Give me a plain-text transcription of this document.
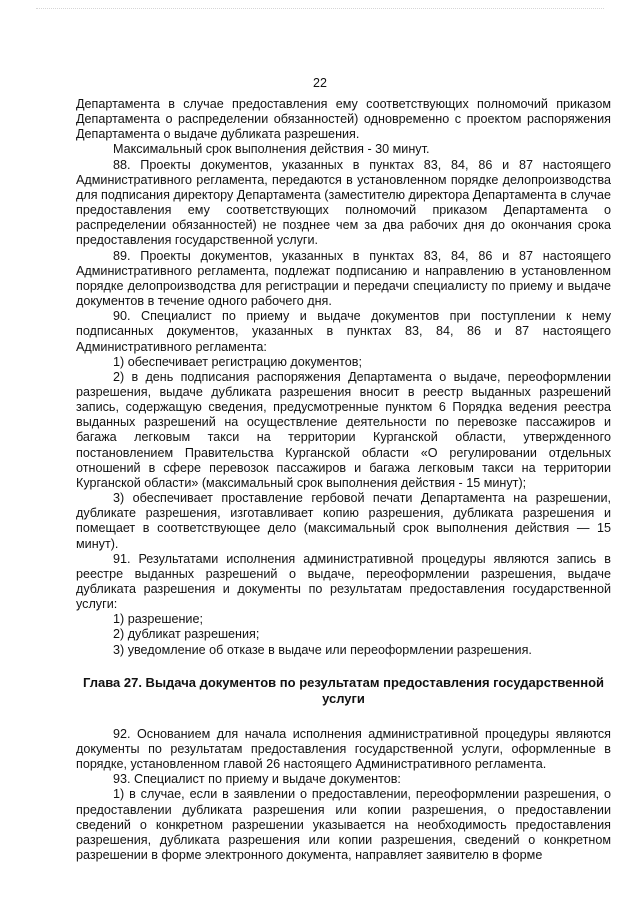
22

Департамента в случае предоставления ему соответствующих полномочий приказом Департамента о распределении обязанностей) одновременно с проектом распоряжения Департамента о выдаче дубликата разрешения.

Максимальный срок выполнения действия - 30 минут.

88. Проекты документов, указанных в пунктах 83, 84, 86 и 87 настоящего Административного регламента, передаются в установленном порядке делопроизводства для подписания директору Департамента (заместителю директора Департамента в случае предоставления ему соответствующих полномочий приказом Департамента о распределении обязанностей) не позднее чем за два рабочих дня до окончания срока предоставления государственной услуги.

89. Проекты документов, указанных в пунктах 83, 84, 86 и 87 настоящего Административного регламента, подлежат подписанию и направлению в установленном порядке делопроизводства для регистрации и передачи специалисту по приему и выдаче документов в течение одного рабочего дня.

90. Специалист по приему и выдаче документов при поступлении к нему подписанных документов, указанных в пунктах 83, 84, 86 и 87 настоящего Административного регламента:

1) обеспечивает регистрацию документов;

2) в день подписания распоряжения Департамента о выдаче, переоформлении разрешения, выдаче дубликата разрешения вносит в реестр выданных разрешений запись, содержащую сведения, предусмотренные пунктом 6 Порядка ведения реестра выданных разрешений на осуществление деятельности по перевозке пассажиров и багажа легковым такси на территории Курганской области, утвержденного постановлением Правительства Курганской области «О регулировании отдельных отношений в сфере перевозок пассажиров и багажа легковым такси на территории Курганской области» (максимальный срок выполнения действия - 15 минут);

3) обеспечивает проставление гербовой печати Департамента на разрешении, дубликате разрешения, изготавливает копию разрешения, дубликата разрешения и помещает в соответствующее дело (максимальный срок выполнения действия — 15 минут).

91. Результатами исполнения административной процедуры являются запись в реестре выданных разрешений о выдаче, переоформлении разрешения, выдаче дубликата разрешения и документы по результатам предоставления государственной услуги:

1) разрешение;

2) дубликат разрешения;

3) уведомление об отказе в выдаче или переоформлении разрешения.

Глава 27. Выдача документов по результатам предоставления государственной услуги

92. Основанием для начала исполнения административной процедуры являются документы по результатам предоставления государственной услуги, оформленные в порядке, установленном главой 26 настоящего Административного регламента.

93. Специалист по приему и выдаче документов:

1) в случае, если в заявлении о предоставлении, переоформлении разрешения, о предоставлении дубликата разрешения или копии разрешения, о предоставлении сведений о конкретном разрешении указывается на необходимость предоставления разрешения, дубликата разрешения или копии разрешения, сведений о конкретном разрешении в форме электронного документа, направляет заявителю в форме
